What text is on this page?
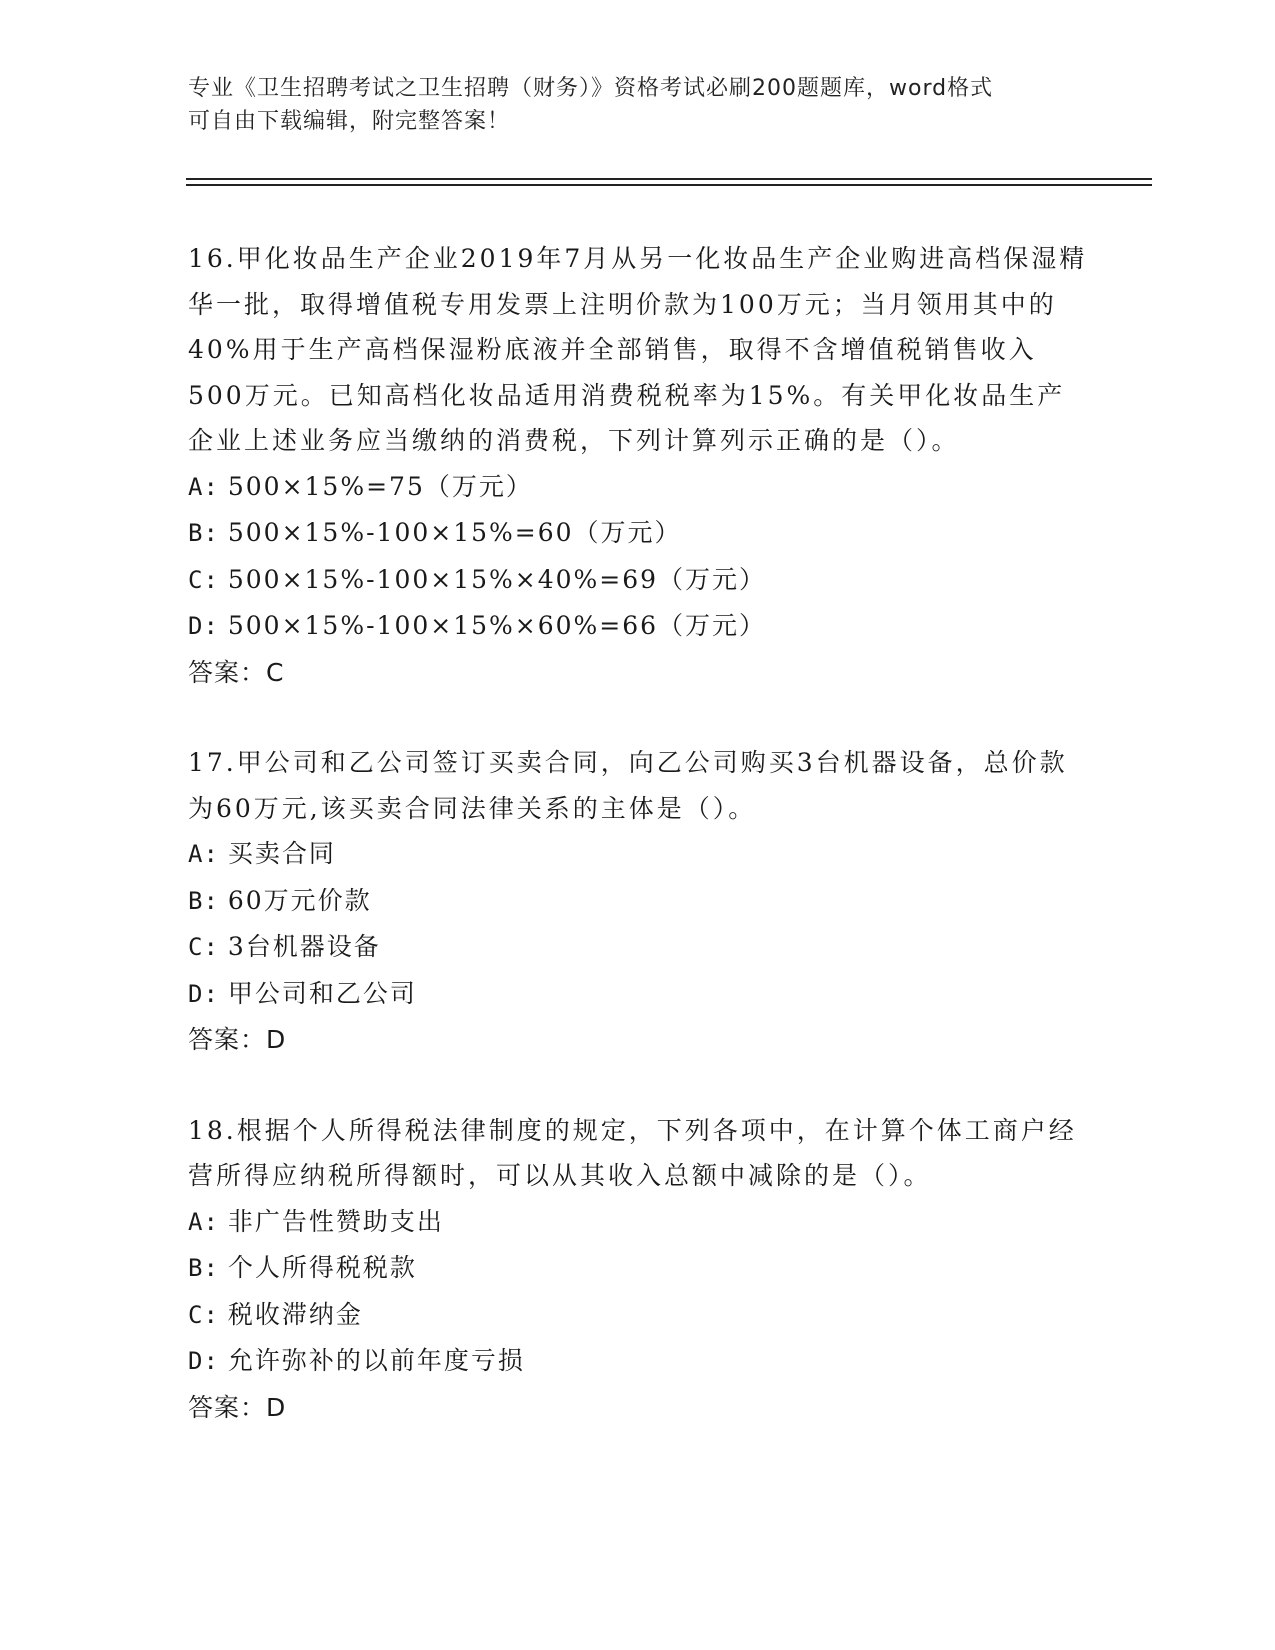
专业《卫生招聘考试之卫生招聘（财务）》资格考试必刷200题题库，word格式
可自由下载编辑，附完整答案！

16.甲化妆品生产企业2019年7月从另一化妆品生产企业购进高档保湿精华一批，取得增值税专用发票上注明价款为100万元；当月领用其中的40%用于生产高档保湿粉底液并全部销售，取得不含增值税销售收入500万元。已知高档化妆品适用消费税税率为15%。有关甲化妆品生产企业上述业务应当缴纳的消费税，下列计算列示正确的是（）。

A: 500×15%=75（万元）

B: 500×15%-100×15%=60（万元）

C: 500×15%-100×15%×40%=69（万元）

D: 500×15%-100×15%×60%=66（万元）

答案：C

17.甲公司和乙公司签订买卖合同，向乙公司购买3台机器设备，总价款为60万元,该买卖合同法律关系的主体是（）。

A: 买卖合同

B: 60万元价款

C: 3台机器设备

D: 甲公司和乙公司

答案：D

18.根据个人所得税法律制度的规定，下列各项中，在计算个体工商户经营所得应纳税所得额时，可以从其收入总额中减除的是（）。

A: 非广告性赞助支出

B: 个人所得税税款

C: 税收滞纳金

D: 允许弥补的以前年度亏损

答案：D
